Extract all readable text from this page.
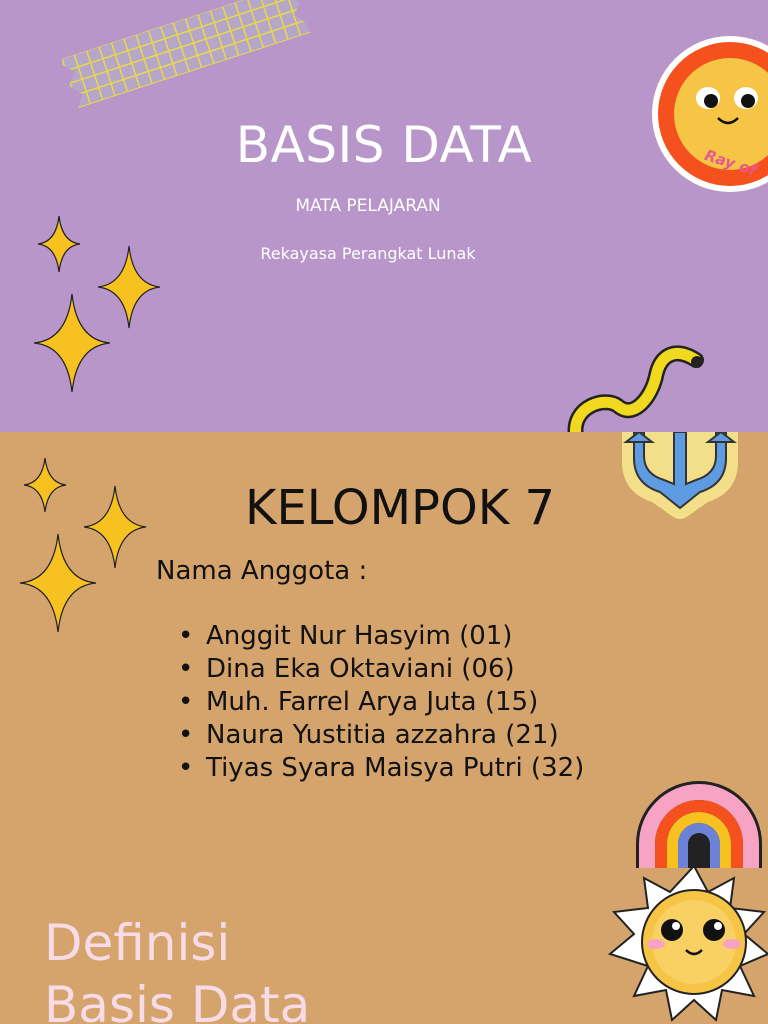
Ray of
BASIS DATA
MATA PELAJARAN
Rekayasa Perangkat Lunak
KELOMPOK 7
Nama Anggota :
• Anggit Nur Hasyim (01)
• Dina Eka Oktaviani (06)
• Muh. Farrel Arya Juta (15)
• Naura Yustitia azzahra (21)
• Tiyas Syara Maisya Putri (32)
Definisi
Basis Data
